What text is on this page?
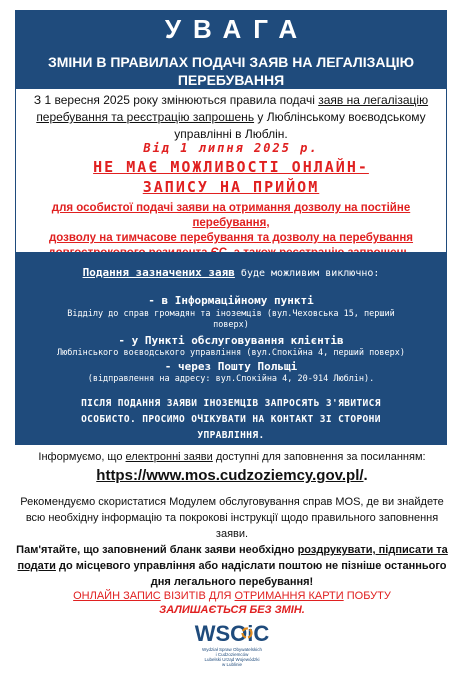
УВАГА
ЗМІНИ В ПРАВИЛАХ ПОДАЧІ ЗАЯВ НА ЛЕГАЛІЗАЦІЮ
ПЕРЕБУВАННЯ
З 1 вересня 2025 року змінюються правила подачі заяв на легалізацію
перебування та реєстрацію запрошень у Люблінському воєводському
управлінні в Люблін.
Від 1 липня 2025 р.
НЕ МАЄ МОЖЛИВОСТІ ОНЛАЙН-
ЗАПИСУ НА ПРИЙОМ
для особистої подачі заяви на отримання дозволу на постійне перебування,
дозволу на тимчасове перебування та дозволу на перебування

Подання зазначених заяв буде можливим виключно:
- в Інформаційному пункті
Відділу до справ громадян та іноземців (вул.Чеховська 15, перший
поверх)
- у Пункті обслуговування клієнтів
Люблінського воєводського управління (вул.Спокійна 4, перший поверх)
- через Пошту Польщі
(відправлення на адресу: вул.Спокійна 4, 20-914 Люблін).
ПІСЛЯ ПОДАННЯ ЗАЯВИ ІНОЗЕМЦІВ ЗАПРОСЯТЬ З'ЯВИТИСЯ
ОСОБИСТО. ПРОСИМО ОЧІКУВАТИ НА КОНТАКТ ЗІ СТОРОНИ
УПРАВЛІННЯ.
Інформуємо, що електронні заяви доступні для заповнення за посиланням:
https://www.mos.cudzoziemcy.gov.pl/.
Рекомендуємо скористатися Модулем обслуговування справ MOS, де ви знайдете
всю необхідну інформацію та покрокові інструкції щодо правильного заповнення
заяви.
Пам'ятайте, що заповнений бланк заяви необхідно роздрукувати, підписати та
подати до місцевого управління або надіслати поштою не пізніше останнього
дня легального перебування!
ОНЛАЙН ЗАПИС ВІЗИТІВ ДЛЯ ОТРИМАННЯ КАРТИ ПОБУТУ
ЗАЛИШАЄТЬСЯ БЕЗ ЗМІН.
WSOiC
Wydział Spraw Obywatelskich
i Cudzoziemców
Lubelski Urząd Wojewódzki
w Lublinie
